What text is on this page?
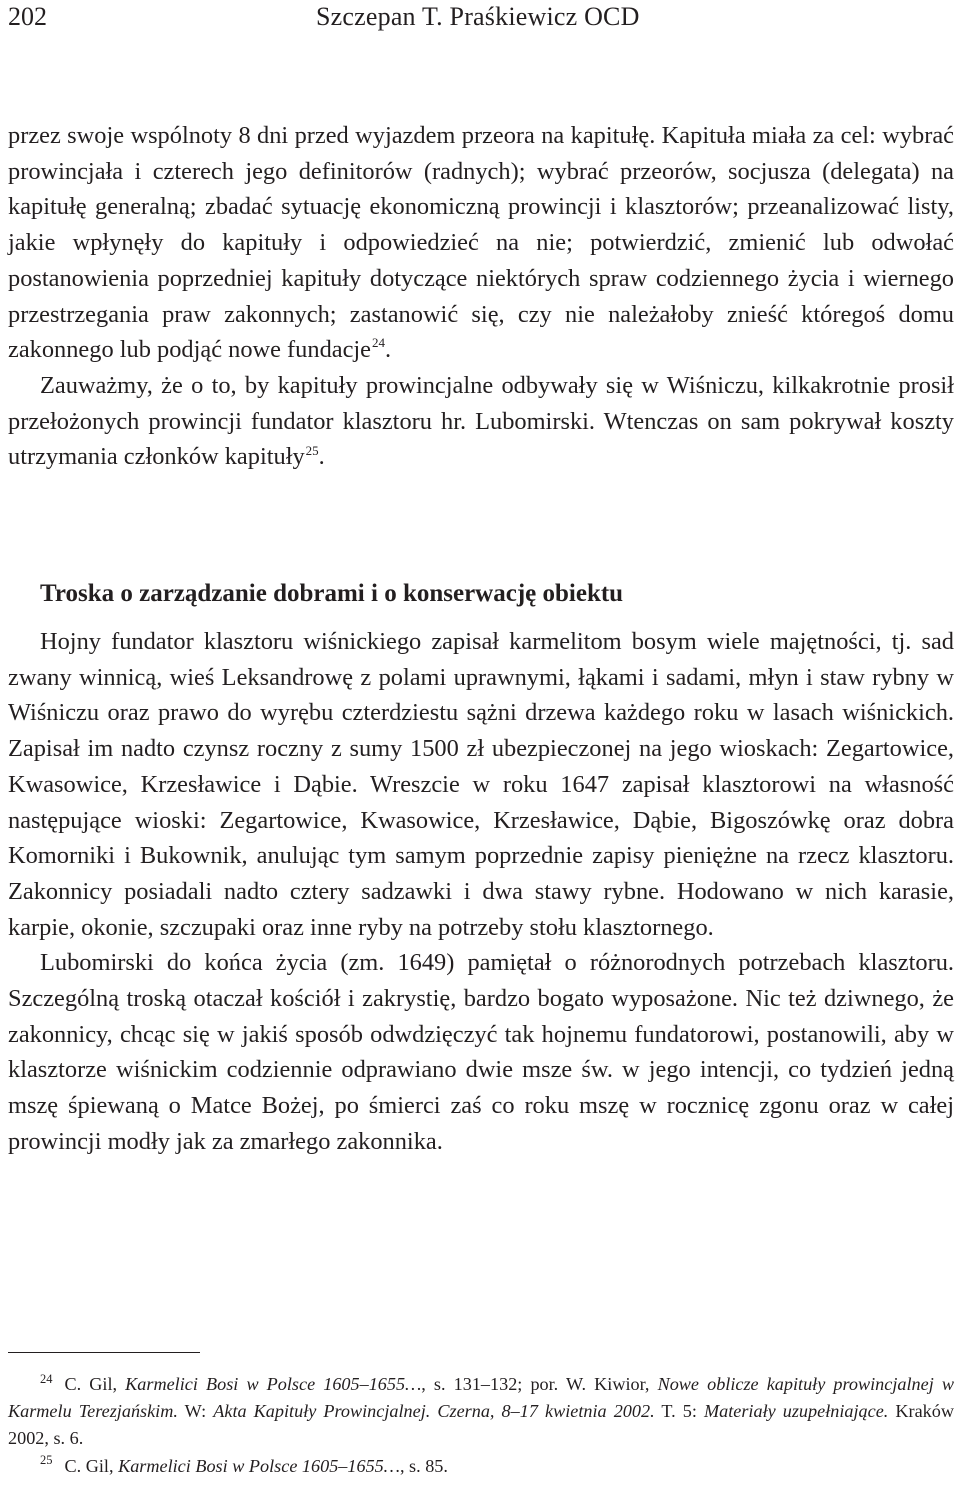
202	Szczepan T. Praśkiewicz OCD

przez swoje wspólnoty 8 dni przed wyjazdem przeora na kapitułę. Kapituła miała za cel: wybrać prowincjała i czterech jego definitorów (radnych); wybrać przeorów, socjusza (delegata) na kapitułę generalną; zbadać sytuację ekonomiczną prowincji i klasztorów; przeanalizować listy, jakie wpłynęły do kapituły i odpowiedzieć na nie; potwierdzić, zmienić lub odwołać postanowienia poprzedniej kapituły dotyczące niektórych spraw codziennego życia i wiernego przestrzegania praw zakonnych; zastanowić się, czy nie należałoby znieść któregoś domu zakonnego lub podjąć nowe fundacje$^{24}$.

Zauważmy, że o to, by kapituły prowincjalne odbywały się w Wiśniczu, kilkakrotnie prosił przełożonych prowincji fundator klasztoru hr. Lubomirski. Wtenczas on sam pokrywał koszty utrzymania członków kapituły$^{25}$.

Troska o zarządzanie dobrami i o konserwację obiektu

Hojny fundator klasztoru wiśnickiego zapisał karmelitom bosym wiele majętności, tj. sad zwany winnicą, wieś Leksandrowę z polami uprawnymi, łąkami i sadami, młyn i staw rybny w Wiśniczu oraz prawo do wyrębu czterdziestu sążni drzewa każdego roku w lasach wiśnickich. Zapisał im nadto czynsz roczny z sumy 1500 zł ubezpieczonej na jego wioskach: Zegartowice, Kwasowice, Krzesławice i Dąbie. Wreszcie w roku 1647 zapisał klasztorowi na własność następujące wioski: Zegartowice, Kwasowice, Krzesławice, Dąbie, Bigoszówkę oraz dobra Komorniki i Bukownik, anulując tym samym poprzednie zapisy pieniężne na rzecz klasztoru. Zakonnicy posiadali nadto cztery sadzawki i dwa stawy rybne. Hodowano w nich karasie, karpie, okonie, szczupaki oraz inne ryby na potrzeby stołu klasztornego.

Lubomirski do końca życia (zm. 1649) pamiętał o różnorodnych potrzebach klasztoru. Szczególną troską otaczał kościół i zakrystię, bardzo bogato wyposażone. Nic też dziwnego, że zakonnicy, chcąc się w jakiś sposób odwdzięczyć tak hojnemu fundatorowi, postanowili, aby w klasztorze wiśnickim codziennie odprawiano dwie msze św. w jego intencji, co tydzień jedną mszę śpiewaną o Matce Bożej, po śmierci zaś co roku mszę w rocznicę zgonu oraz w całej prowincji modły jak za zmarłego zakonnika.

$^{24}$ C. Gil, Karmelici Bosi w Polsce 1605–1655…, s. 131–132; por. W. Kiwior, Nowe oblicze kapituły prowincjalnej w Karmelu Terezjańskim. W: Akta Kapituły Prowincjalnej. Czerna, 8–17 kwietnia 2002. T. 5: Materiały uzupełniające. Kraków 2002, s. 6.

$^{25}$ C. Gil, Karmelici Bosi w Polsce 1605–1655…, s. 85.
